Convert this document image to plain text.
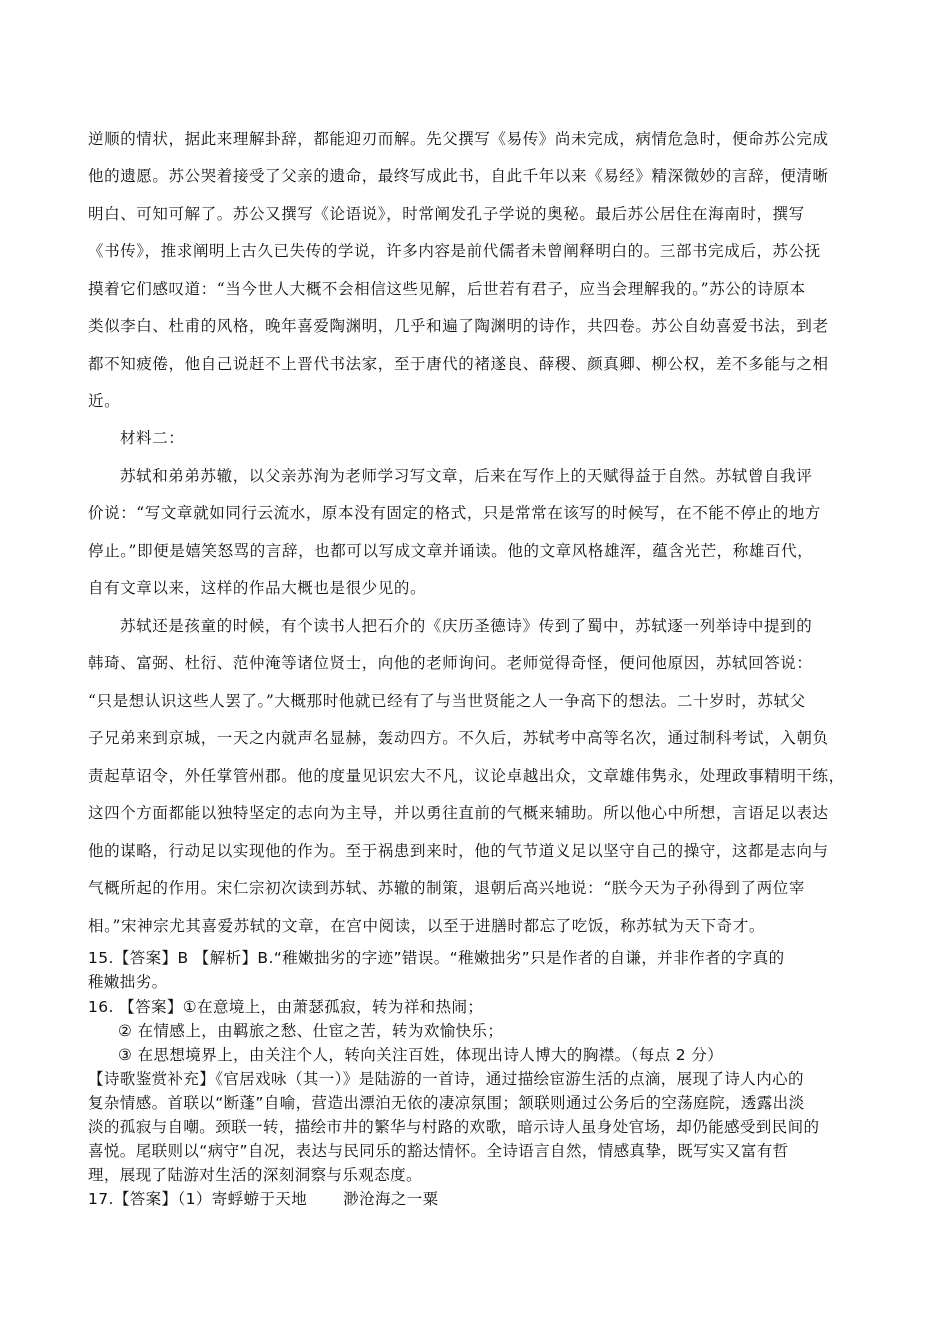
逆顺的情状，据此来理解卦辞，都能迎刃而解。先父撰写《易传》尚未完成，病情危急时，便命苏公完成
他的遗愿。苏公哭着接受了父亲的遗命，最终写成此书，自此千年以来《易经》精深微妙的言辞，便清晰
明白、可知可解了。苏公又撰写《论语说》，时常阐发孔子学说的奥秘。最后苏公居住在海南时，撰写
《书传》，推求阐明上古久已失传的学说，许多内容是前代儒者未曾阐释明白的。三部书完成后，苏公抚
摸着它们感叹道：“当今世人大概不会相信这些见解，后世若有君子，应当会理解我的。”苏公的诗原本
类似李白、杜甫的风格，晚年喜爱陶渊明，几乎和遍了陶渊明的诗作，共四卷。苏公自幼喜爱书法，到老
都不知疲倦，他自己说赶不上晋代书法家，至于唐代的褚遂良、薛稷、颜真卿、柳公权，差不多能与之相
近。
材料二：
苏轼和弟弟苏辙，以父亲苏洵为老师学习写文章，后来在写作上的天赋得益于自然。苏轼曾自我评
价说：“写文章就如同行云流水，原本没有固定的格式，只是常常在该写的时候写，在不能不停止的地方
停止。”即便是嬉笑怒骂的言辞，也都可以写成文章并诵读。他的文章风格雄浑，蕴含光芒，称雄百代，
自有文章以来，这样的作品大概也是很少见的。
苏轼还是孩童的时候，有个读书人把石介的《庆历圣德诗》传到了蜀中，苏轼逐一列举诗中提到的
韩琦、富弼、杜衍、范仲淹等诸位贤士，向他的老师询问。老师觉得奇怪，便问他原因，苏轼回答说：
“只是想认识这些人罢了。”大概那时他就已经有了与当世贤能之人一争高下的想法。二十岁时，苏轼父
子兄弟来到京城，一天之内就声名显赫，轰动四方。不久后，苏轼考中高等名次，通过制科考试，入朝负
责起草诏令，外任掌管州郡。他的度量见识宏大不凡，议论卓越出众，文章雄伟隽永，处理政事精明干练，
这四个方面都能以独特坚定的志向为主导，并以勇往直前的气概来辅助。所以他心中所想，言语足以表达
他的谋略，行动足以实现他的作为。至于祸患到来时，他的气节道义足以坚守自己的操守，这都是志向与
气概所起的作用。宋仁宗初次读到苏轼、苏辙的制策，退朝后高兴地说：“朕今天为子孙得到了两位宰
相。”宋神宗尤其喜爱苏轼的文章，在宫中阅读，以至于进膳时都忘了吃饭，称苏轼为天下奇才。
15.【答案】B 【解析】B.“稚嫩拙劣的字迹”错误。“稚嫩拙劣”只是作者的自谦，并非作者的字真的
稚嫩拙劣。
16. 【答案】①在意境上，由萧瑟孤寂，转为祥和热闹；
② 在情感上，由羁旅之愁、仕宦之苦，转为欢愉快乐；
③ 在思想境界上，由关注个人，转向关注百姓，体现出诗人博大的胸襟。（每点 2 分）
【诗歌鉴赏补充】《官居戏咏（其一）》是陆游的一首诗，通过描绘宦游生活的点滴，展现了诗人内心的
复杂情感。首联以“断蓬”自喻，营造出漂泊无依的凄凉氛围；颔联则通过公务后的空荡庭院，透露出淡
淡的孤寂与自嘲。颈联一转，描绘市井的繁华与村路的欢歌，暗示诗人虽身处官场，却仍能感受到民间的
喜悦。尾联则以“病守”自况，表达与民同乐的豁达情怀。全诗语言自然，情感真挚，既写实又富有哲
理，展现了陆游对生活的深刻洞察与乐观态度。
17.【答案】（1）寄蜉蝣于天地 渺沧海之一粟
